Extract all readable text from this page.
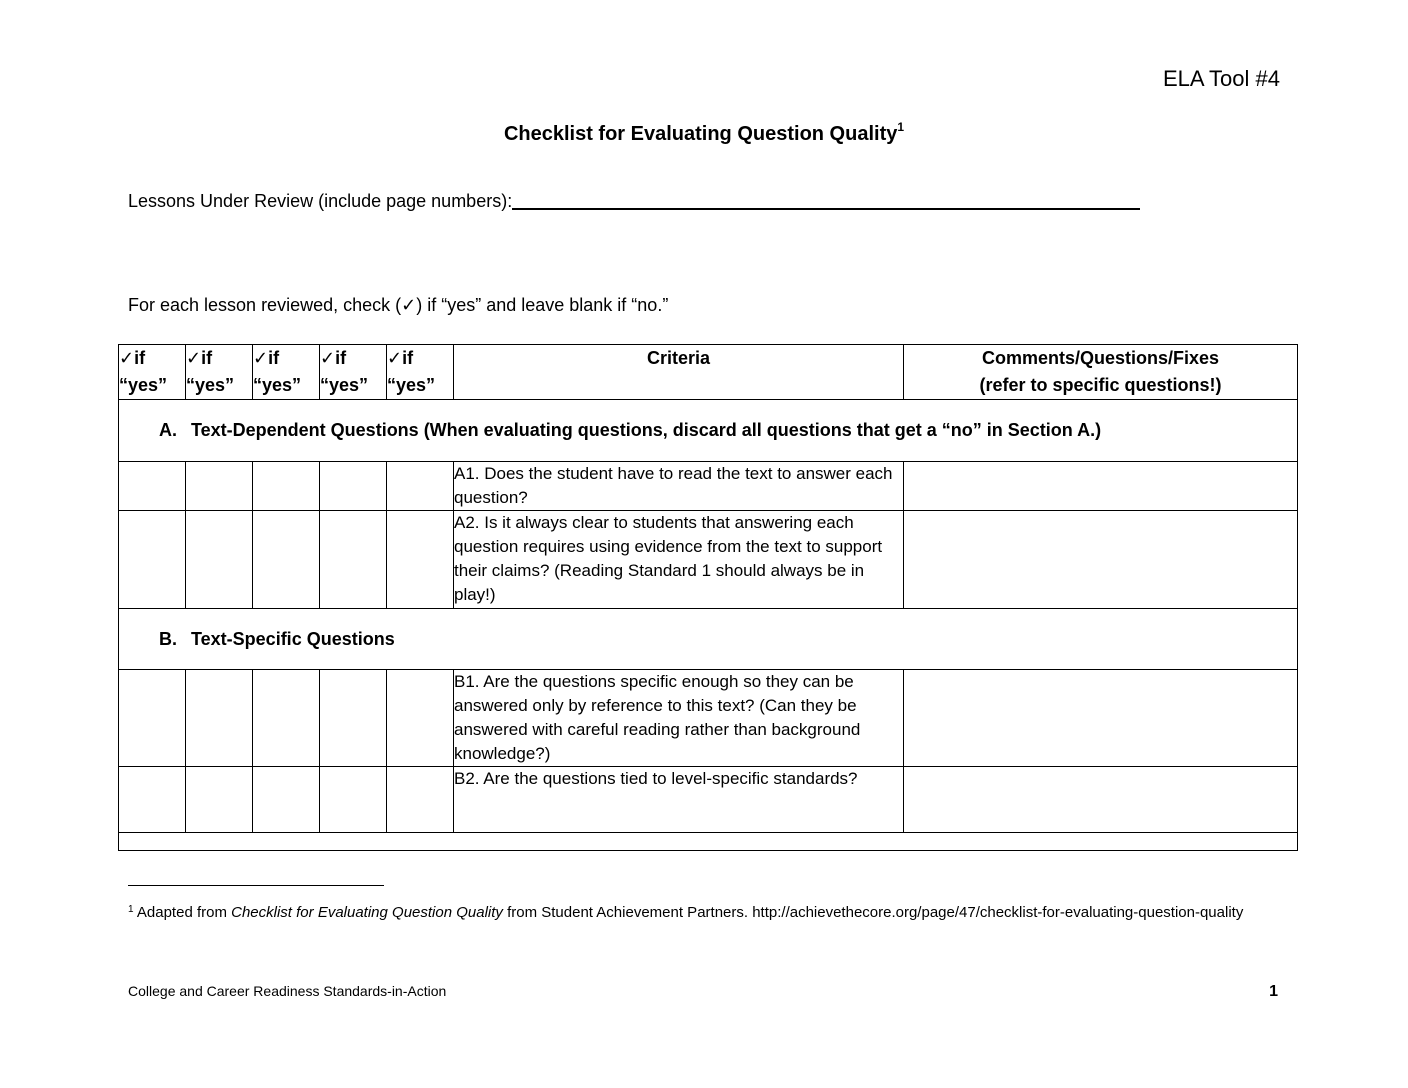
ELA Tool #4
Checklist for Evaluating Question Quality$^1$
Lessons Under Review (include page numbers):
For each lesson reviewed, check (✓) if “yes” and leave blank if “no.”
✓if
“yes”	✓if
“yes”	✓if
“yes”	✓if
“yes”	✓if
“yes”	Criteria	Comments/Questions/Fixes
(refer to specific questions!)
A. Text-Dependent Questions (When evaluating questions, discard all questions that get a “no” in Section A.)						
					A1. Does the student have to read the text to answer each question?	
					A2. Is it always clear to students that answering each question requires using evidence from the text to support their claims? (Reading Standard 1 should always be in play!)	
B. Text-Specific Questions						
					B1. Are the questions specific enough so they can be answered only by reference to this text? (Can they be answered with careful reading rather than background knowledge?)	
					B2. Are the questions tied to level-specific standards?	

$^1$ Adapted from Checklist for Evaluating Question Quality from Student Achievement Partners. http://achievethecore.org/page/47/checklist-for-evaluating-question-quality
College and Career Readiness Standards-in-Action	1
